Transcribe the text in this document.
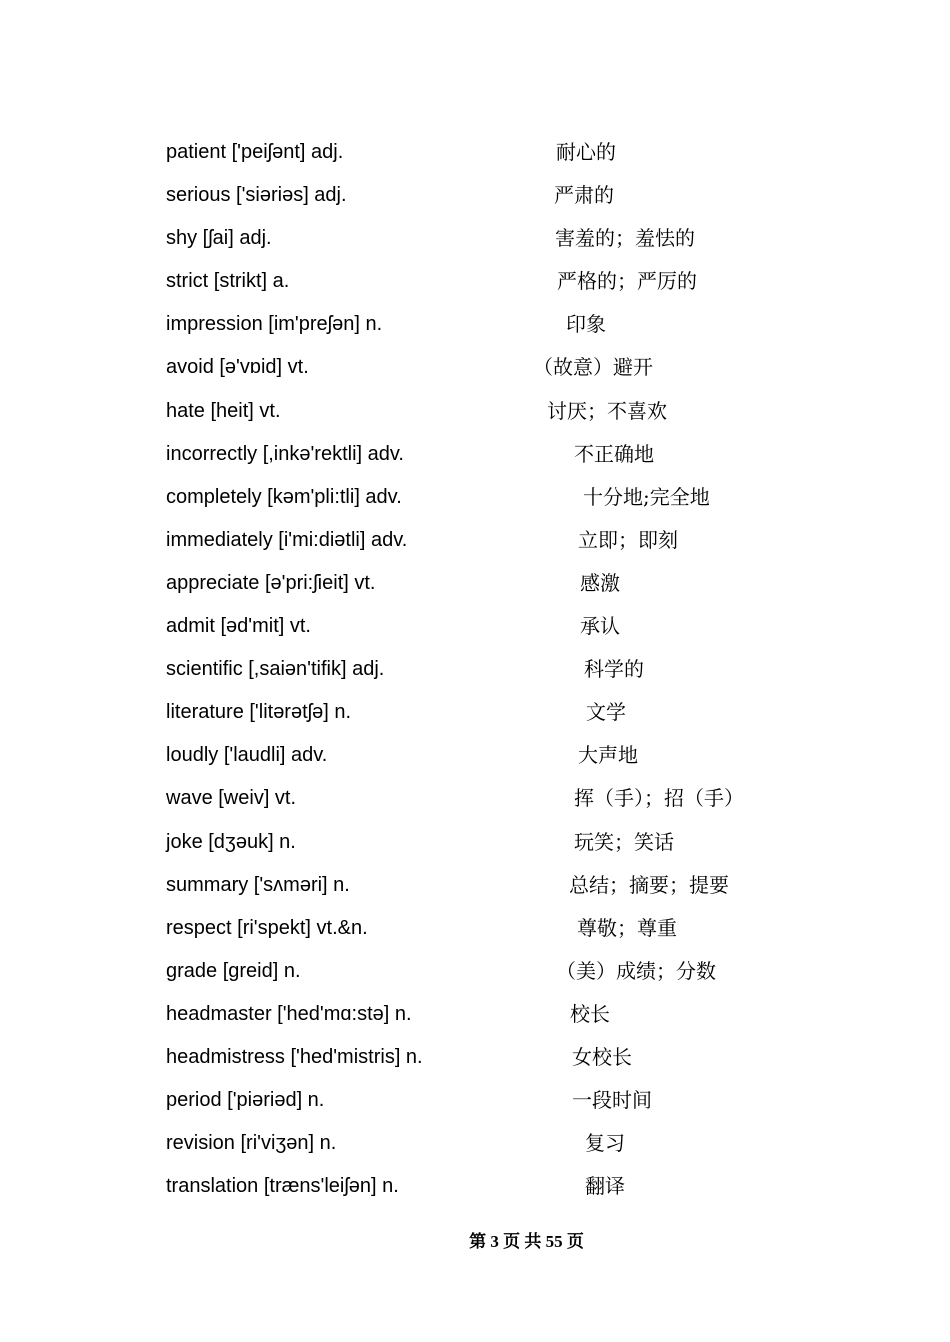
patient ['peiʃənt] adj.	耐心的
serious ['siəriəs] adj.	严肃的
shy [ʃai] adj.	害羞的；羞怯的
strict [strikt] a.	严格的；严厉的
impression [im'preʃən] n.	印象
avoid [ə'vɒid] vt.	（故意）避开
hate [heit] vt.	讨厌；不喜欢
incorrectly [,inkə'rektli] adv.	不正确地
completely [kəm'pli:tli] adv.	十分地;完全地
immediately [i'mi:diətli] adv.	立即；即刻
appreciate [ə'pri:ʃieit] vt.	感激
admit [əd'mit] vt.	承认
scientific [,saiən'tifik] adj.	科学的
literature ['litərətʃə] n.	文学
loudly ['laudli] adv.	大声地
wave [weiv] vt.	挥（手）；招（手）
joke [dʒəuk] n.	玩笑；笑话
summary ['sʌməri] n.	总结；摘要；提要
respect [ri'spekt] vt.&n.	尊敬；尊重
grade [greid] n.	（美）成绩；分数
headmaster ['hed'mɑ:stə] n.	校长
headmistress ['hed'mistris] n.	女校长
period ['piəriəd] n.	一段时间
revision [ri'viʒən] n.	复习
translation [træns'leiʃən] n.	翻译
第 3 页 共 55 页
